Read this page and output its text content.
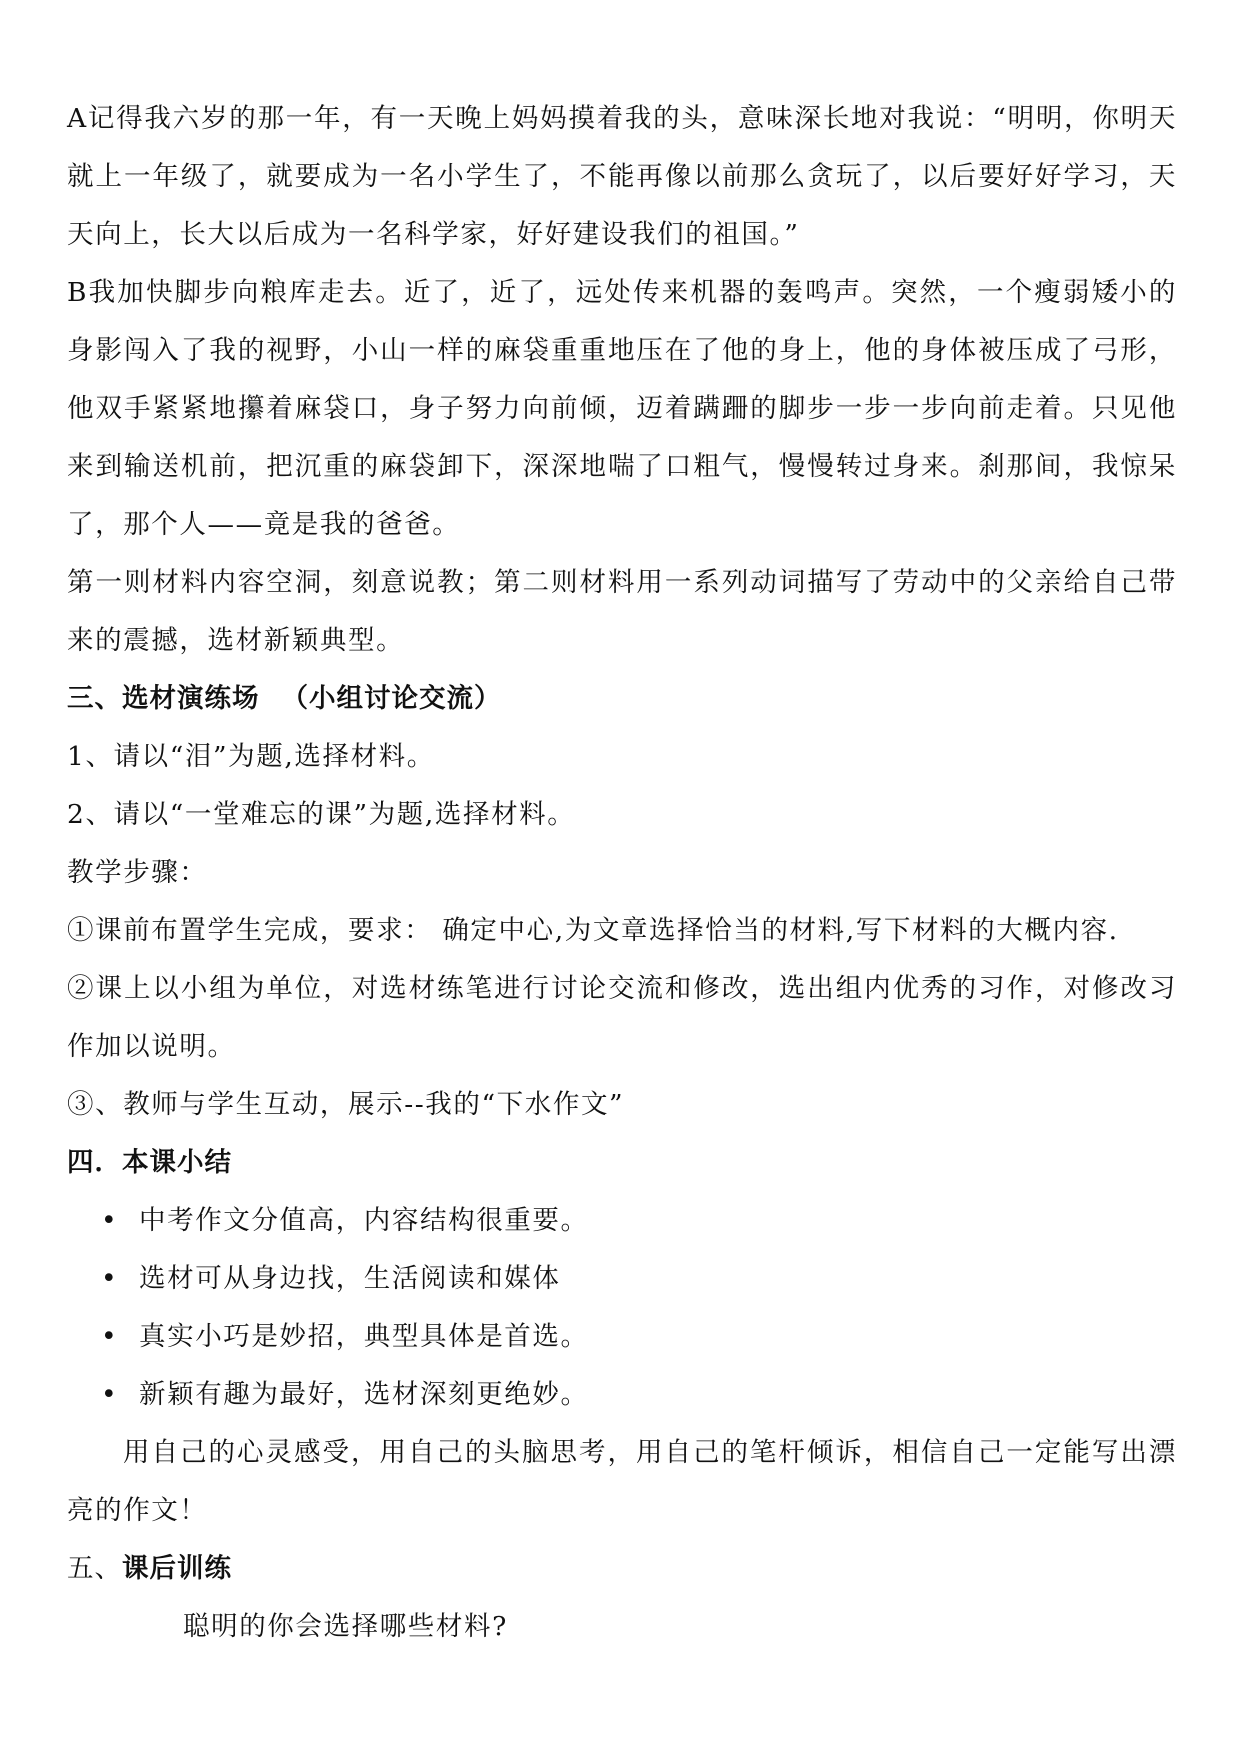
A记得我六岁的那一年，有一天晚上妈妈摸着我的头，意味深长地对我说：“明明，你明天就上一年级了，就要成为一名小学生了，不能再像以前那么贪玩了，以后要好好学习，天天向上，长大以后成为一名科学家，好好建设我们的祖国。”

B我加快脚步向粮库走去。近了，近了，远处传来机器的轰鸣声。突然，一个瘦弱矮小的身影闯入了我的视野，小山一样的麻袋重重地压在了他的身上，他的身体被压成了弓形，他双手紧紧地攥着麻袋口，身子努力向前倾，迈着蹒跚的脚步一步一步向前走着。只见他来到输送机前，把沉重的麻袋卸下，深深地喘了口粗气，慢慢转过身来。刹那间，我惊呆了，那个人——竟是我的爸爸。

第一则材料内容空洞，刻意说教；第二则材料用一系列动词描写了劳动中的父亲给自己带来的震撼，选材新颖典型。

三、选材演练场 （小组讨论交流）

1、请以“泪”为题,选择材料。

2、请以“一堂难忘的课”为题,选择材料。

教学步骤：

①课前布置学生完成，要求： 确定中心,为文章选择恰当的材料,写下材料的大概内容.

②课上以小组为单位，对选材练笔进行讨论交流和修改，选出组内优秀的习作，对修改习作加以说明。

③、教师与学生互动，展示--我的“下水作文”

四．本课小结

• 中考作文分值高，内容结构很重要。
• 选材可从身边找，生活阅读和媒体
• 真实小巧是妙招，典型具体是首选。
• 新颖有趣为最好，选材深刻更绝妙。

用自己的心灵感受，用自己的头脑思考，用自己的笔杆倾诉，相信自己一定能写出漂亮的作文！

五、课后训练

聪明的你会选择哪些材料?
